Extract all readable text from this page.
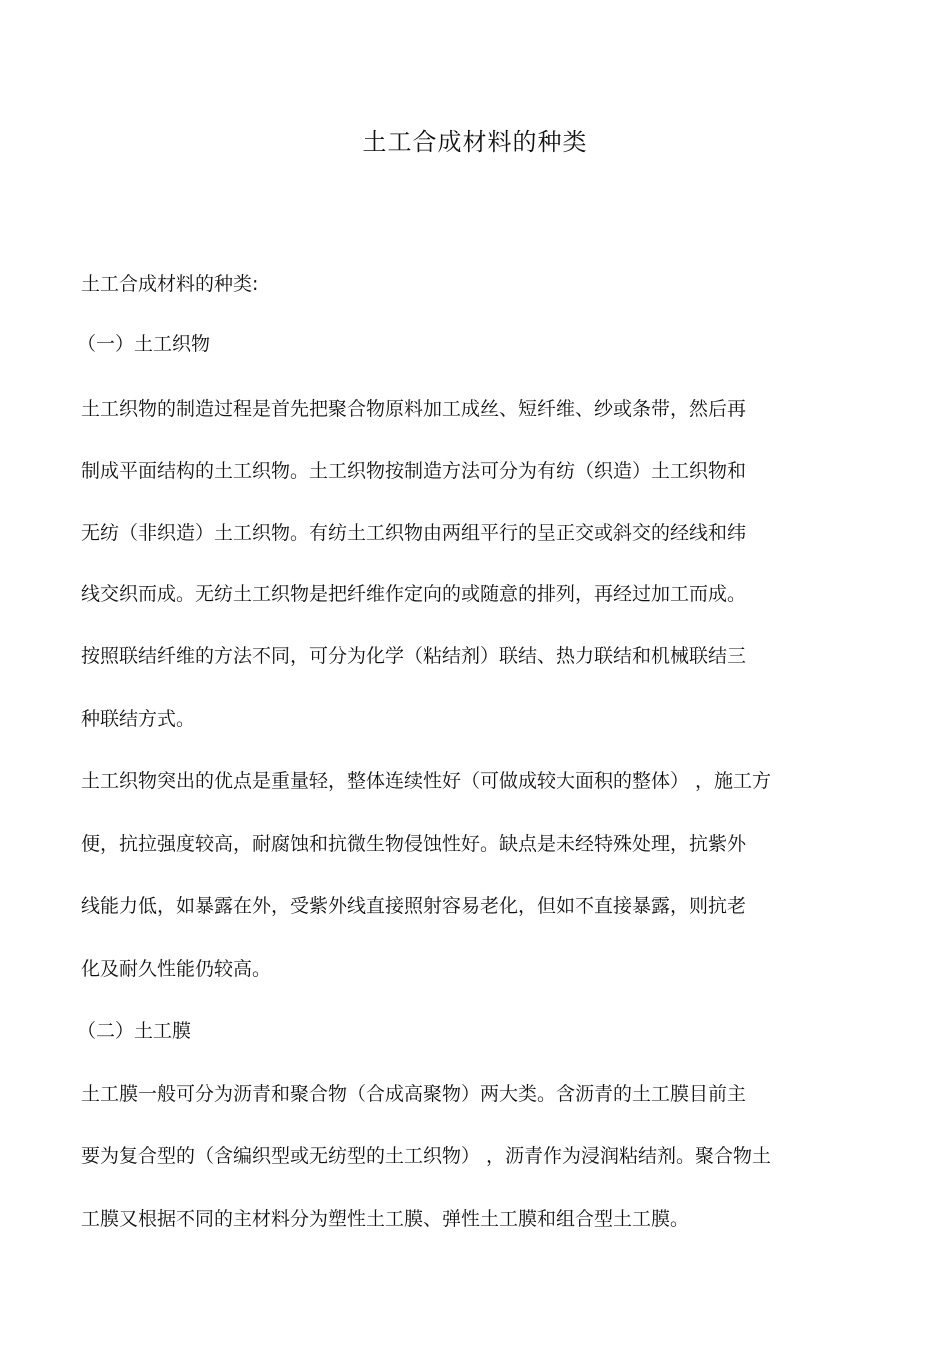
土工合成材料的种类
土工合成材料的种类:
（一）土工织物
土工织物的制造过程是首先把聚合物原料加工成丝、短纤维、纱或条带，然后再
制成平面结构的土工织物。土工织物按制造方法可分为有纺（织造）土工织物和
无纺（非织造）土工织物。有纺土工织物由两组平行的呈正交或斜交的经线和纬
线交织而成。无纺土工织物是把纤维作定向的或随意的排列，再经过加工而成。
按照联结纤维的方法不同，可分为化学（粘结剂）联结、热力联结和机械联结三
种联结方式。
土工织物突出的优点是重量轻，整体连续性好（可做成较大面积的整体） ，施工方
便，抗拉强度较高，耐腐蚀和抗微生物侵蚀性好。缺点是未经特殊处理，抗紫外
线能力低，如暴露在外，受紫外线直接照射容易老化，但如不直接暴露，则抗老
化及耐久性能仍较高。
（二）土工膜
土工膜一般可分为沥青和聚合物（合成高聚物）两大类。含沥青的土工膜目前主
要为复合型的（含编织型或无纺型的土工织物） ，沥青作为浸润粘结剂。聚合物土
工膜又根据不同的主材料分为塑性土工膜、弹性土工膜和组合型土工膜。
